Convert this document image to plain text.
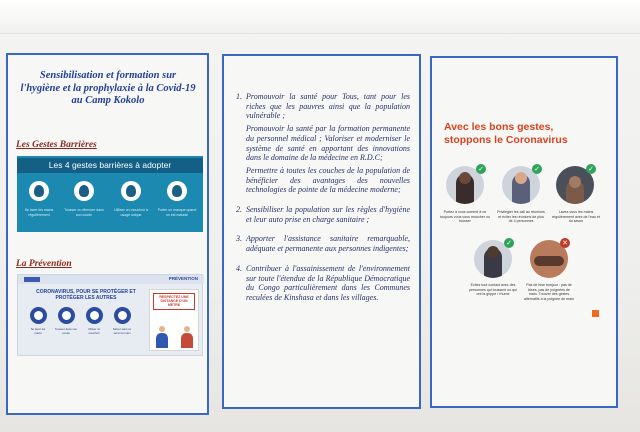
Sensibilisation et formation sur l'hygiène et la prophylaxie à la Covid-19 au Camp Kokolo
Les Gestes Barrières
Les 4 gestes barrières à adopter
Se laver les mains régulièrement
Tousser ou éternuer dans son coude
Utiliser un mouchoir à usage unique
Porter un masque quand on est malade
La Prévention
PRÉVENTION
CORONAVIRUS, POUR SE PROTÉGER ET PROTÉGER LES AUTRES
Se laver les mains
Tousser dans son coude
Utiliser un mouchoir
Saluer sans se serrer la main
RESPECTEZ UNE DISTANCE D'UN MÈTRE
1. Promouvoir la santé pour Tous, tant pour les riches que les pauvres ainsi que la population vulnérable ;

Promouvoir la santé par la formation permanente du personnel médical ; Valoriser et moderniser le système de santé en apportant des innovations dans le domaine de la médecine en R.D.C;

Permettre à toutes les couches de la population de bénéficier des avantages des nouvelles technologies de pointe de la médecine moderne;

2. Sensibiliser la population sur les règles d'hygiène et leur auto prise en charge sanitaire ;

3. Apporter l'assistance sanitaire remarquable, adéquate et permanente aux personnes indigentes;

4. Contribuer à l'assainissement de l'environnement sur toute l'étendue de la République Démocratique du Congo particulièrement dans les Communes reculées de Kinshasa et dans les villages.

Avec les bons gestes,
stoppons le Coronavirus
✓	✓	✓
Portez à vous comme à ne toujours vous vous moucher ou tousser
Privilégier les call au réunions et éviter les réunions de plus de 4 personnes
Lavez-vous les mains régulièrement avec de l'eau et du savon
✓	✕
Evitez tout contact avec des personnes qui toussent ou qui ont la grippe / rhume
Pas de bise bonjour : pas de bises, pas de poignées de main. Trouver des gestes alternatifs à la poignée de main
